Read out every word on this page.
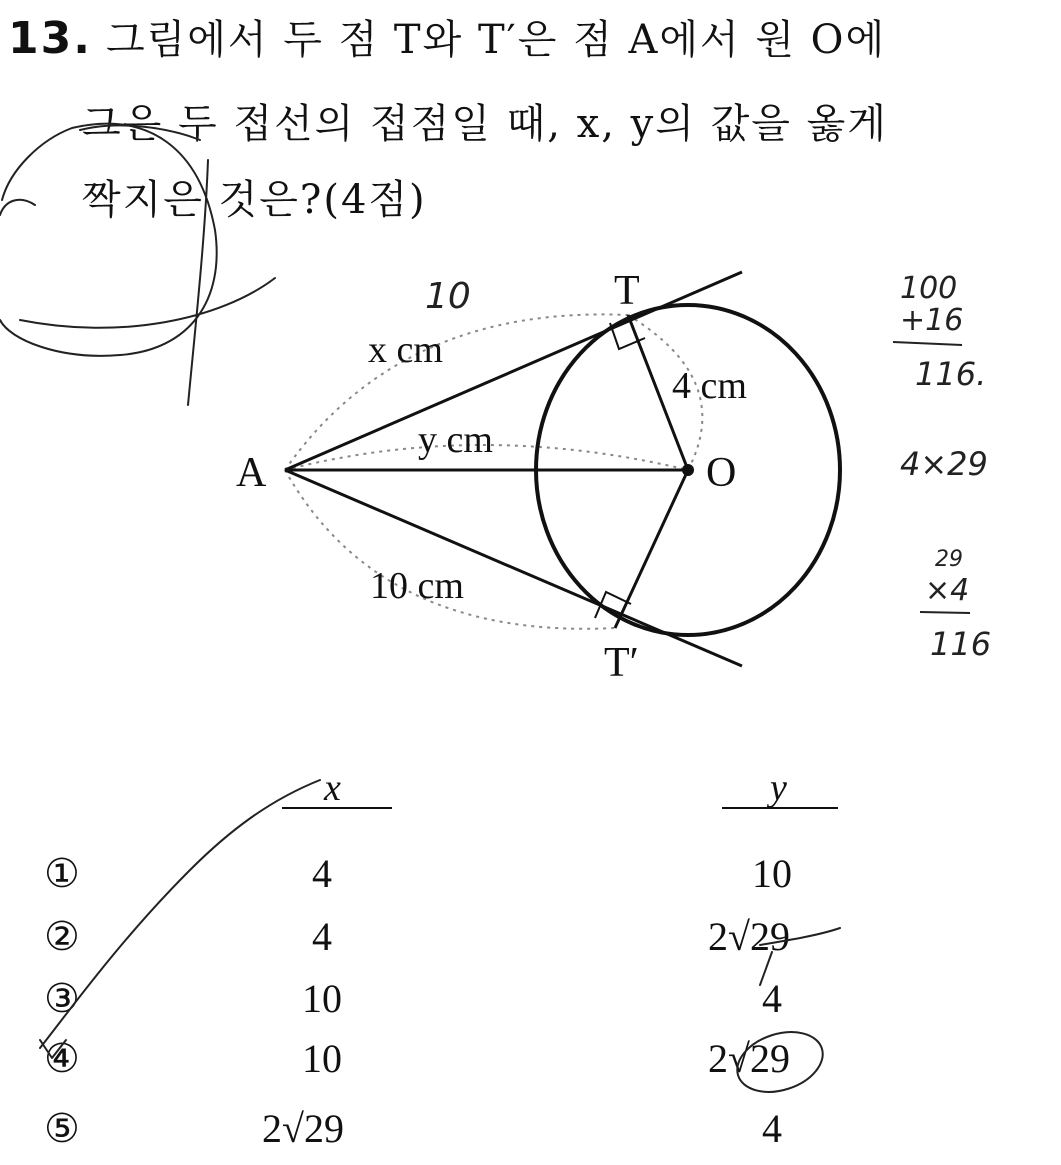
13. 그림에서 두 점 T와 T′은 점 A에서 원 O에
그은 두 접선의 접점일 때, x, y의 값을 옳게
짝지은 것은?(4점)
A
T
T′
O
x cm
y cm
4 cm
10 cm
10	100
+16
116.
4×29
29
×4
116
x	y
①	4	10
②	4	2√29
③	10	4
④	10	2√29
⑤	2√29	4
